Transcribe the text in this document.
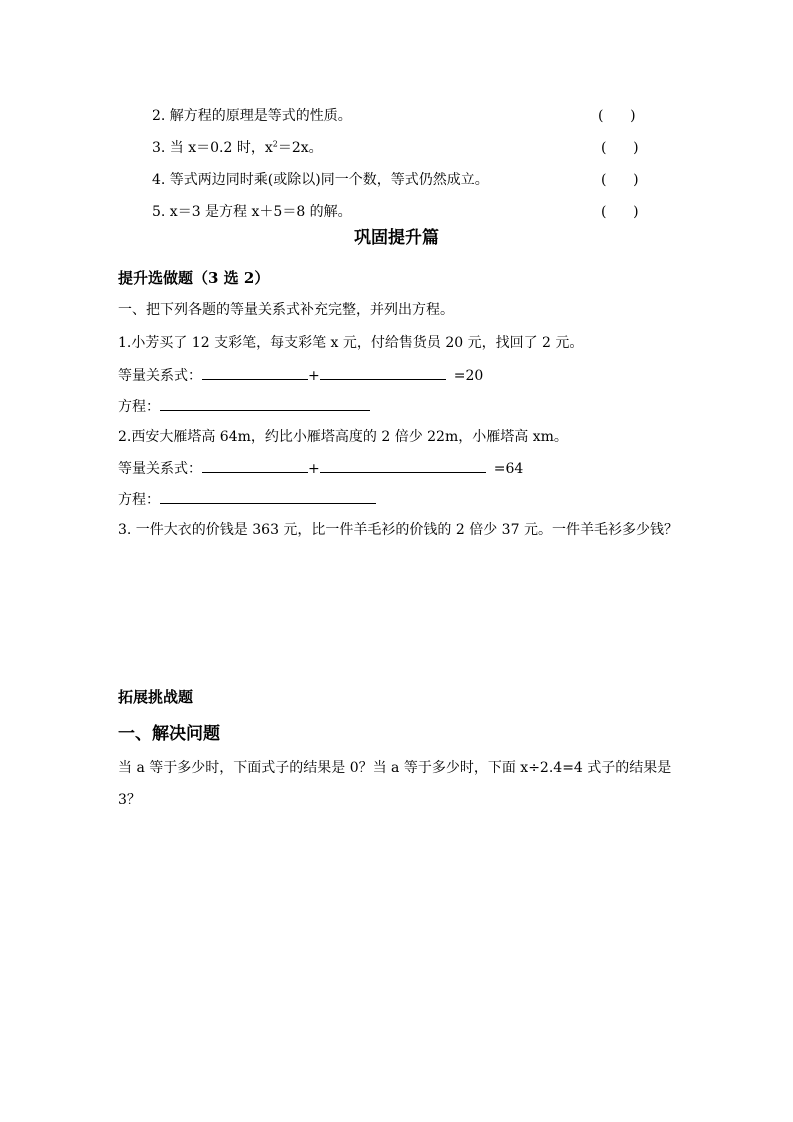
2. 解方程的原理是等式的性质。	(      )
3. 当 x＝0.2 时，$x^2=2x$。	(      )
4. 等式两边同时乘(或除以)同一个数，等式仍然成立。	(      )
5. x＝3 是方程 x＋5＝8 的解。	(      )
巩固提升篇
提升选做题（3 选 2）
一、把下列各题的等量关系式补充完整，并列出方程。
1.小芳买了 12 支彩笔，每支彩笔 x 元，付给售货员 20 元，找回了 2 元。
等量关系式：	+	=20
方程：
2.西安大雁塔高 64m，约比小雁塔高度的 2 倍少 22m，小雁塔高 xm。
等量关系式：	+	=64
方程：
3. 一件大衣的价钱是 363 元，比一件羊毛衫的价钱的 2 倍少 37 元。一件羊毛衫多少钱？
拓展挑战题
一、解决问题
当 a 等于多少时，下面式子的结果是 0？当 a 等于多少时，下面 x÷2.4=4 式子的结果是 3？
